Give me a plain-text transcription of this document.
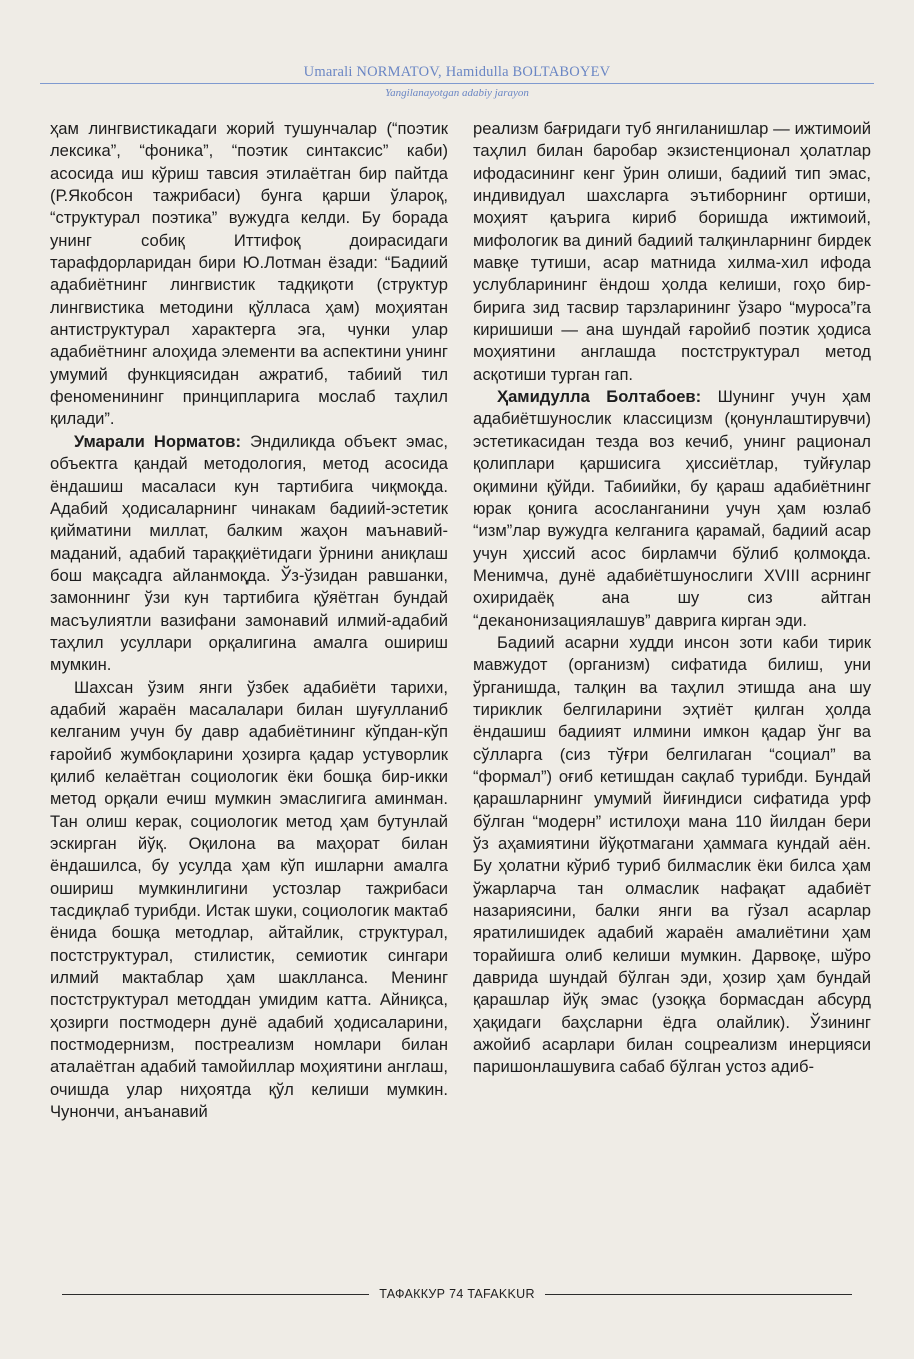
Umarali NORMATOV, Hamidulla BOLTABOYEV
Yangilanayotgan adabiy jarayon

ҳам лингвистикадаги жорий тушунчалар (“поэтик лексика”, “фоника”, “поэтик синтаксис” каби) асосида иш кўриш тавсия этилаётган бир пайтда (Р.Якобсон тажрибаси) бунга қарши ўлароқ, “структурал поэтика” вужудга келди. Бу борада унинг собиқ Иттифоқ доирасидаги тарафдорларидан бири Ю.Лотман ёзади: “Бадиий адабиётнинг лингвистик тадқиқоти (структур лингвистика методини қўлласа ҳам) моҳиятан антиструктурал характерга эга, чунки улар адабиётнинг алоҳида элементи ва аспектини унинг умумий функциясидан ажратиб, табиий тил феноменининг принципларига мослаб таҳлил қилади”.

Умарали Норматов: Эндиликда объект эмас, объектга қандай методология, метод асосида ёндашиш масаласи кун тартибига чиқмоқда. Адабий ҳодисаларнинг чинакам бадиий-эстетик қийматини миллат, балким жаҳон маънавий-маданий, адабий тараққиётидаги ўрнини аниқлаш бош мақсадга айланмоқда. Ўз-ўзидан равшанки, замоннинг ўзи кун тартибига қўяётган бундай масъулиятли вазифани замонавий илмий-адабий таҳлил усуллари орқалигина амалга ошириш мумкин.

Шахсан ўзим янги ўзбек адабиёти тарихи, адабий жараён масалалари билан шуғулланиб келганим учун бу давр адабиётининг кўпдан-кўп ғаройиб жумбоқларини ҳозирга қадар устуворлик қилиб келаётган социологик ёки бошқа бир-икки метод орқали ечиш мумкин эмаслигига аминман. Тан олиш керак, социологик метод ҳам бутунлай эскирган йўқ. Оқилона ва маҳорат билан ёндашилса, бу усулда ҳам кўп ишларни амалга ошириш мумкинлигини устозлар тажрибаси тасдиқлаб турибди. Истак шуки, социологик мактаб ёнида бошқа методлар, айтайлик, структурал, постструктурал, стилистик, семиотик сингари илмий мактаблар ҳам шаклланса. Менинг постструктурал методдан умидим катта. Айниқса, ҳозирги постмодерн дунё адабий ҳодисаларини, постмодернизм, постреализм номлари билан аталаётган адабий тамойиллар моҳиятини англаш, очишда улар ниҳоятда қўл келиши мумкин. Чунончи, анъанавий

реализм бағридаги туб янгиланишлар — ижтимоий таҳлил билан баробар экзистенционал ҳолатлар ифодасининг кенг ўрин олиши, бадиий тип эмас, индивидуал шахсларга эътиборнинг ортиши, моҳият қаърига кириб боришда ижтимоий, мифологик ва диний бадиий талқинларнинг бирдек мавқе тутиши, асар матнида хилма-хил ифода услубларининг ёндош ҳолда келиши, гоҳо бир-бирига зид тасвир тарзларининг ўзаро “муроса”га киришиши — ана шундай ғаройиб поэтик ҳодиса моҳиятини англашда постструктурал метод асқотиши турган гап.

Ҳамидулла Болтабоев: Шунинг учун ҳам адабиётшунослик классицизм (қонунлаштирувчи) эстетикасидан тезда воз кечиб, унинг рационал қолиплари қаршисига ҳиссиётлар, туйғулар оқимини қўйди. Табиийки, бу қараш адабиётнинг юрак қонига асосланганини учун ҳам юзлаб “изм”лар вужудга келганига қарамай, бадиий асар учун ҳиссий асос бирламчи бўлиб қолмоқда. Менимча, дунё адабиётшунослиги XVIII асрнинг охиридаёқ ана шу сиз айтган “деканонизациялашув” даврига кирган эди.

Бадиий асарни худди инсон зоти каби тирик мавжудот (организм) сифатида билиш, уни ўрганишда, талқин ва таҳлил этишда ана шу тириклик белгиларини эҳтиёт қилган ҳолда ёндашиш бадиият илмини имкон қадар ўнг ва сўлларга (сиз тўғри белгилаган “социал” ва “формал”) оғиб кетишдан сақлаб турибди. Бундай қарашларнинг умумий йиғиндиси сифатида урф бўлган “модерн” истилоҳи мана 110 йилдан бери ўз аҳамиятини йўқотмагани ҳаммага кундай аён. Бу ҳолатни кўриб туриб билмаслик ёки билса ҳам ўжарларча тан олмаслик нафақат адабиёт назариясини, балки янги ва гўзал асарлар яратилишидек адабий жараён амалиётини ҳам торайишга олиб келиши мумкин. Дарвоқе, шўро даврида шундай бўлган эди, ҳозир ҳам бундай қарашлар йўқ эмас (узоққа бормасдан абсурд ҳақидаги баҳсларни ёдга олайлик). Ўзининг ажойиб асарлари билан соцреализм инерцияси паришонлашувига сабаб бўлган устоз адиб-

ТАФАККУР 74 TAFAKKUR
